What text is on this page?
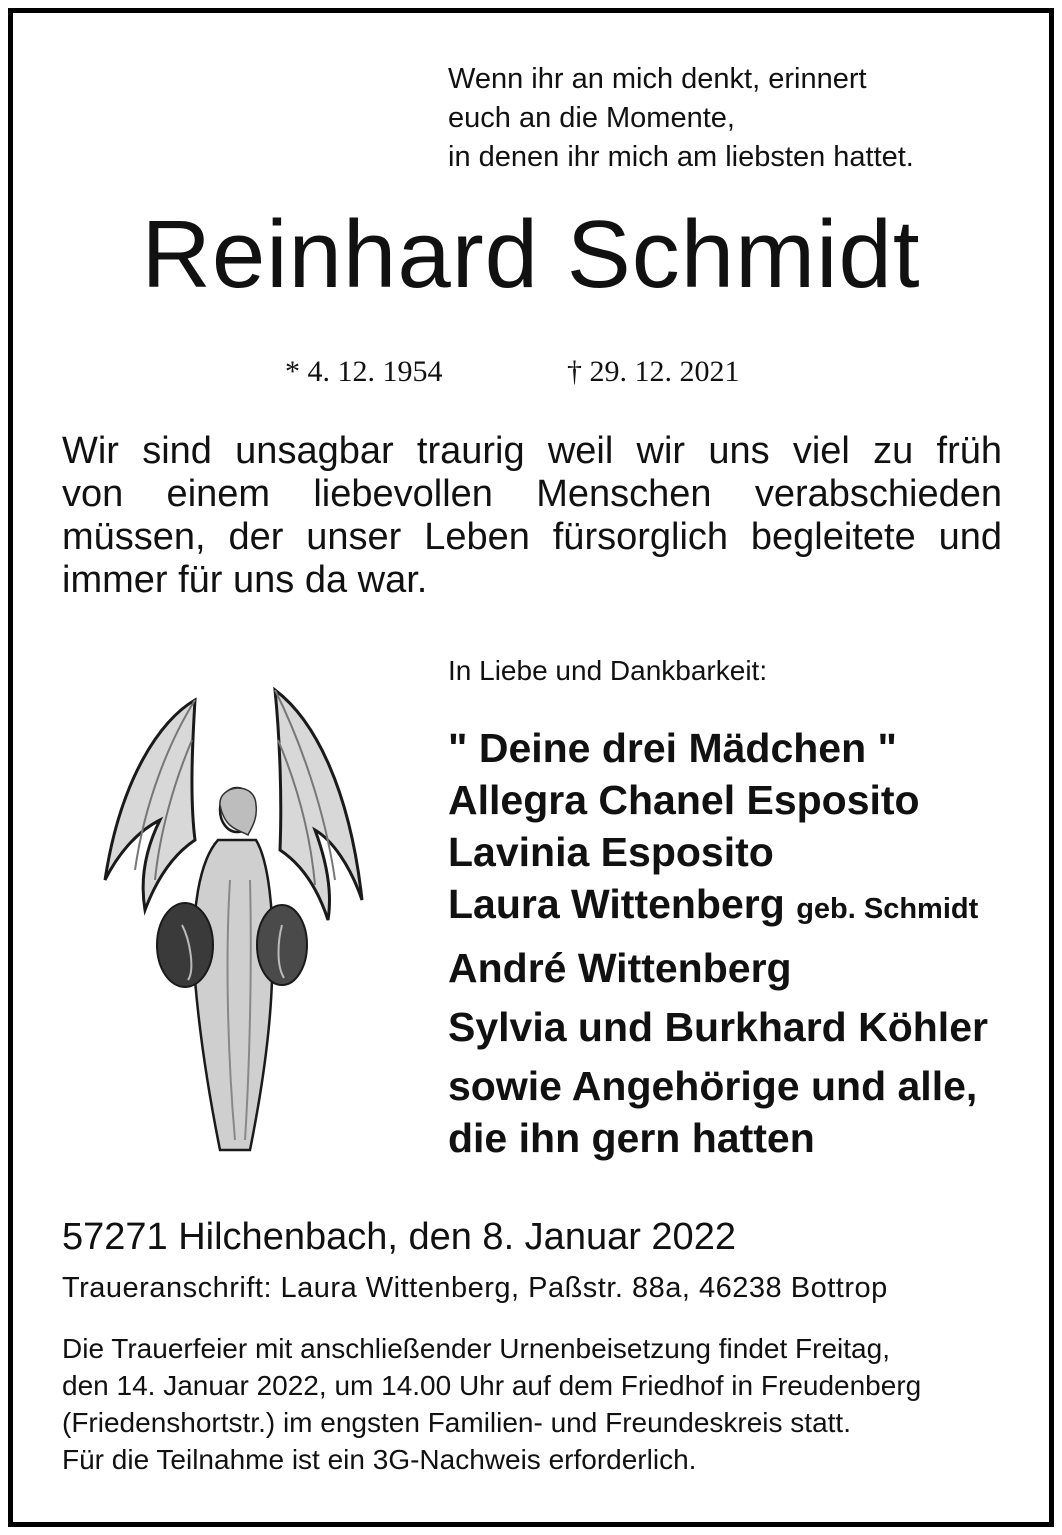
Wenn ihr an mich denkt, erinnert
euch an die Momente,
in denen ihr mich am liebsten hattet.
Reinhard Schmidt
* 4. 12. 1954	† 29. 12. 2021
Wir sind unsagbar traurig weil wir uns viel zu früh
von einem liebevollen Menschen verabschieden
müssen, der unser Leben fürsorglich begleitete und
immer für uns da war.
In Liebe und Dankbarkeit:
" Deine drei Mädchen "
Allegra Chanel Esposito
Lavinia Esposito
Laura Wittenberg geb. Schmidt
André Wittenberg
Sylvia und Burkhard Köhler
sowie Angehörige und alle,
die ihn gern hatten
57271 Hilchenbach, den 8. Januar 2022
Traueranschrift: Laura Wittenberg, Paßstr. 88a, 46238 Bottrop
Die Trauerfeier mit anschließender Urnenbeisetzung findet Freitag,
den 14. Januar 2022, um 14.00 Uhr auf dem Friedhof in Freudenberg
(Friedenshortstr.) im engsten Familien- und Freundeskreis statt.
Für die Teilnahme ist ein 3G-Nachweis erforderlich.
